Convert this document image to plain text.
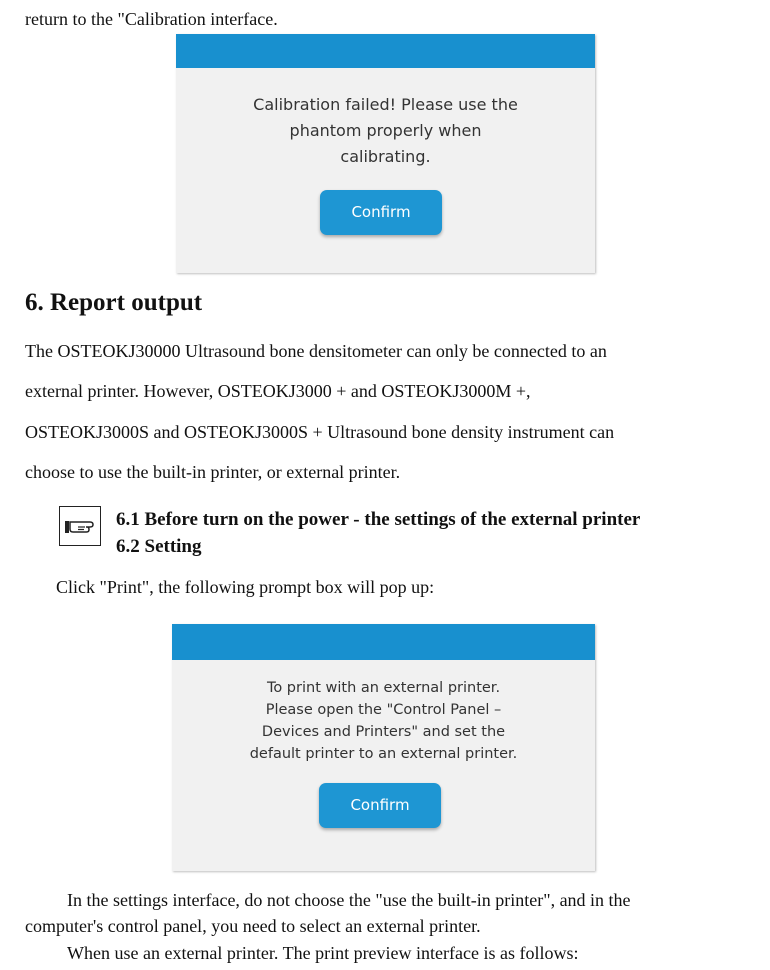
return to the "Calibration interface.
Calibration failed! Please use the
phantom properly when
calibrating.
Confirm
6. Report output
The OSTEOKJ30000 Ultrasound bone densitometer can only be connected to an
external printer. However, OSTEOKJ3000 + and OSTEOKJ3000M +,
OSTEOKJ3000S and OSTEOKJ3000S + Ultrasound bone density instrument can
choose to use the built-in printer, or external printer.
6.1 Before turn on the power - the settings of the external printer
6.2 Setting
Click "Print", the following prompt box will pop up:
To print with an external printer.
Please open the "Control Panel –
Devices and Printers" and set the
default printer to an external printer.
Confirm
In the settings interface, do not choose the "use the built-in printer", and in the
computer's control panel, you need to select an external printer.
When use an external printer. The print preview interface is as follows:
